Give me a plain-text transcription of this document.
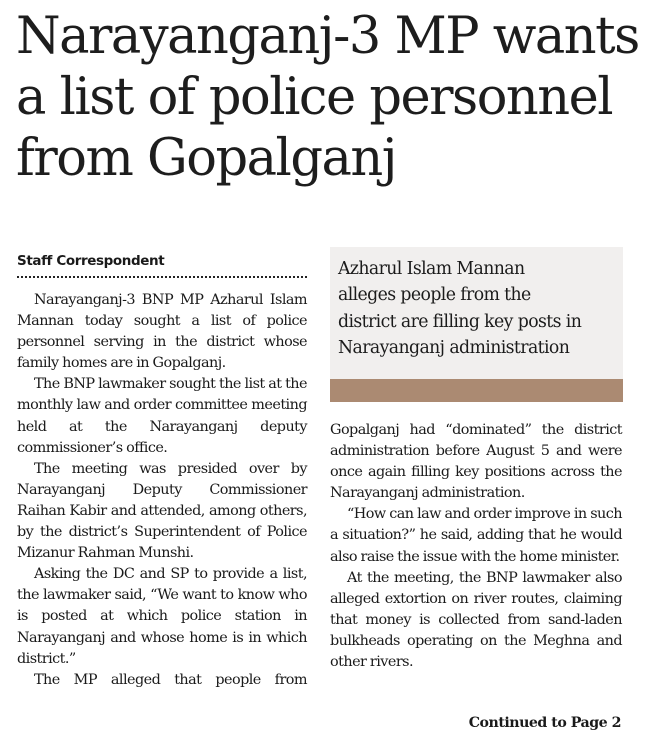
Narayanganj-3 MP wants
a list of police personnel
from Gopalganj
Staff Correspondent

Narayanganj-3 BNP MP Azharul Islam Mannan today sought a list of police personnel serving in the district whose family homes are in Gopalganj.

The BNP lawmaker sought the list at the monthly law and order committee meeting held at the Narayanganj deputy commissioner’s office.

The meeting was presided over by Narayanganj Deputy Commissioner Raihan Kabir and attended, among others, by the district’s Superintendent of Police Mizanur Rahman Munshi.

Asking the DC and SP to provide a list, the lawmaker said, “We want to know who is posted at which police station in Narayanganj and whose home is in which district.”

The MP alleged that people from

Azharul Islam Mannan
alleges people from the
district are filling key posts in
Narayanganj administration

Gopalganj had “dominated” the district administration before August 5 and were once again filling key positions across the Narayanganj administration.

“How can law and order improve in such a situation?” he said, adding that he would also raise the issue with the home minister.

At the meeting, the BNP lawmaker also alleged extortion on river routes, claiming that money is collected from sand-laden bulkheads operating on the Meghna and other rivers.

Continued to Page 2
